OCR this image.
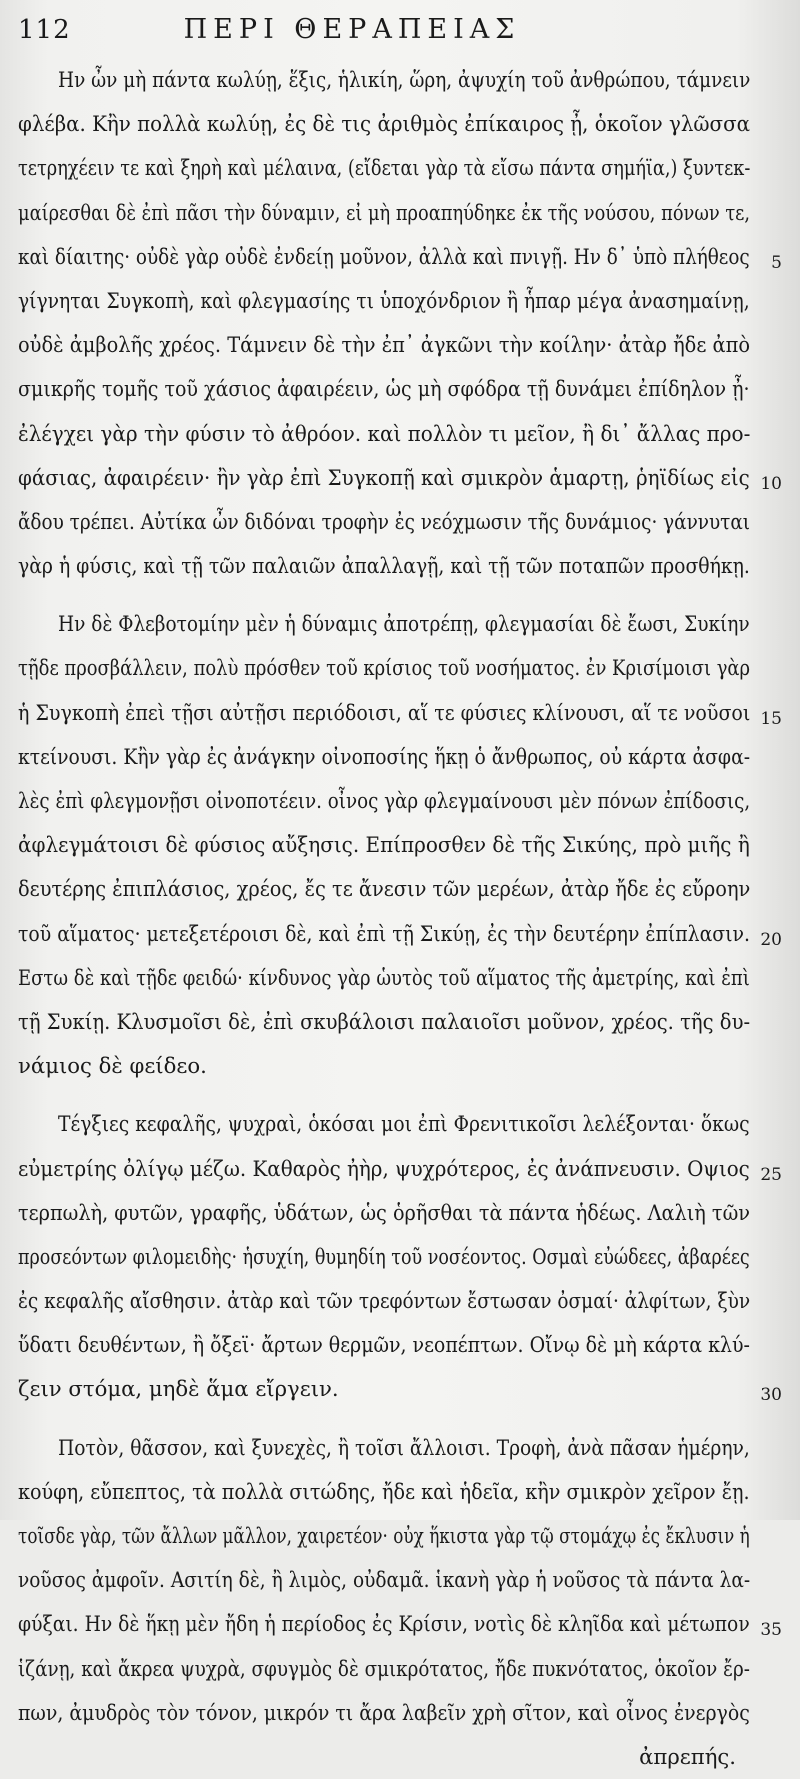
112	ΠΕΡΙ ΘΕΡΑΠΕΙΑΣ
Ην ὦν μὴ πάντα κωλύῃ, ἕξις, ἡλικίη, ὥρη, ἀψυχίη τοῦ ἀνθρώπου, τάμνειν
φλέβα. Κἢν πολλὰ κωλύῃ, ἐς δὲ τις ἀριθμὸς ἐπίκαιρος ᾖ, ὁκοῖον γλῶσσα
τετρηχέειν τε καὶ ξηρὴ καὶ μέλαινα, (εἴδεται γὰρ τὰ εἴσω πάντα σημήϊα,) ξυντεκ-
μαίρεσθαι δὲ ἐπὶ πᾶσι τὴν δύναμιν, εἰ μὴ προαπηύδηκε ἐκ τῆς νούσου, πόνων τε,
καὶ δίαιτης· οὐδὲ γὰρ οὐδὲ ἐνδείῃ μοῦνον, ἀλλὰ καὶ πνιγῇ. Ην δ᾽ ὑπὸ πλήθεος 5
γίγνηται Συγκοπὴ, καὶ φλεγμασίης τι ὑποχόνδριον ἢ ἧπαρ μέγα ἀνασημαίνῃ,
οὐδὲ ἀμβολῆς χρέος. Τάμνειν δὲ τὴν ἐπ᾽ ἀγκῶνι τὴν κοίλην· ἀτὰρ ἤδε ἀπὸ
σμικρῆς τομῆς τοῦ χάσιος ἀφαιρέειν, ὡς μὴ σφόδρα τῇ δυνάμει ἐπίδηλον ᾖ·
ἐλέγχει γὰρ τὴν φύσιν τὸ ἀθρόον. καὶ πολλὸν τι μεῖον, ἢ δι᾽ ἄλλας προ-
φάσιας, ἀφαιρέειν· ἢν γὰρ ἐπὶ Συγκοπῇ καὶ σμικρὸν ἁμαρτῃ, ῥηϊδίως εἰς 10
ἄδου τρέπει. Αὐτίκα ὦν διδόναι τροφὴν ἐς νεόχμωσιν τῆς δυνάμιος· γάννυται
γὰρ ἡ φύσις, καὶ τῇ τῶν παλαιῶν ἀπαλλαγῇ, καὶ τῇ τῶν ποταπῶν προσθήκῃ.
Ην δὲ Φλεβοτομίην μὲν ἡ δύναμις ἀποτρέπῃ, φλεγμασίαι δὲ ἔωσι, Συκίην
τῇδε προσβάλλειν, πολὺ πρόσθεν τοῦ κρίσιος τοῦ νοσήματος. ἐν Κρισίμοισι γὰρ
ἡ Συγκοπὴ ἐπεὶ τῇσι αὐτῇσι περιόδοισι, αἵ τε φύσιες κλίνουσι, αἵ τε νοῦσοι 15
κτείνουσι. Κἢν γὰρ ἐς ἀνάγκην οἰνοποσίης ἥκῃ ὁ ἄνθρωπος, οὐ κάρτα ἀσφα-
λὲς ἐπὶ φλεγμονῇσι οἰνοποτέειν. οἶνος γὰρ φλεγμαίνουσι μὲν πόνων ἐπίδοσις,
ἀφλεγμάτοισι δὲ φύσιος αὔξησις. Επίπροσθεν δὲ τῆς Σικύης, πρὸ μιῆς ἢ
δευτέρης ἐπιπλάσιος, χρέος, ἔς τε ἄνεσιν τῶν μερέων, ἀτὰρ ἤδε ἐς εὔροην
τοῦ αἵματος· μετεξετέροισι δὲ, καὶ ἐπὶ τῇ Σικύῃ, ἐς τὴν δευτέρην ἐπίπλασιν. 20
Εστω δὲ καὶ τῇδε φειδώ· κίνδυνος γὰρ ὡυτὸς τοῦ αἵματος τῆς ἀμετρίης, καὶ ἐπὶ
τῇ Συκίῃ. Κλυσμοῖσι δὲ, ἐπὶ σκυβάλοισι παλαιοῖσι μοῦνον, χρέος. τῆς δυ-
νάμιος δὲ φείδεο.
Τέγξιες κεφαλῆς, ψυχραὶ, ὁκόσαι μοι ἐπὶ Φρενιτικοῖσι λελέξονται· ὅκως
εὐμετρίης ὀλίγῳ μέζω. Καθαρὸς ἠὴρ, ψυχρότερος, ἐς ἀνάπνευσιν. Οψιος 25
τερπωλὴ, φυτῶν, γραφῆς, ὑδάτων, ὡς ὁρῆσθαι τὰ πάντα ἡδέως. Λαλιὴ τῶν
προσεόντων φιλομειδὴς· ἡσυχίη, θυμηδίη τοῦ νοσέοντος. Οσμαὶ εὐώδεες, ἀβαρέες
ἐς κεφαλῆς αἴσθησιν. ἀτὰρ καὶ τῶν τρεφόντων ἔστωσαν ὀσμαί· ἀλφίτων, ξὺν
ὕδατι δευθέντων, ἢ ὄξεϊ· ἄρτων θερμῶν, νεοπέπτων. Οἴνῳ δὲ μὴ κάρτα κλύ-
ζειν στόμα, μηδὲ ἅμα εἴργειν.	30
Ποτὸν, θᾶσσον, καὶ ξυνεχὲς, ἢ τοῖσι ἄλλοισι. Τροφὴ, ἀνὰ πᾶσαν ἡμέρην,
κούφη, εὔπεπτος, τὰ πολλὰ σιτώδης, ἤδε καὶ ἡδεῖα, κἢν σμικρὸν χεῖρον ἔῃ.
τοῖσδε γὰρ, τῶν ἄλλων μᾶλλον, χαιρετέον· οὐχ ἥκιστα γὰρ τῷ στομάχῳ ἐς ἔκλυσιν ἡ
νοῦσος ἀμφοῖν. Ασιτίη δὲ, ἢ λιμὸς, οὐδαμᾶ. ἱκανὴ γὰρ ἡ νοῦσος τὰ πάντα λα-
φύξαι. Ην δὲ ἥκῃ μὲν ἤδη ἡ περίοδος ἐς Κρίσιν, νοτὶς δὲ κληῖδα καὶ μέτωπον 35
ἱζάνῃ, καὶ ἄκρεα ψυχρὰ, σφυγμὸς δὲ σμικρότατος, ἤδε πυκνότατος, ὁκοῖον ἔρ-
πων, ἀμυδρὸς τὸν τόνον, μικρόν τι ἄρα λαβεῖν χρὴ σῖτον, καὶ οἶνος ἐνεργὸς
ἀπρεπής.
